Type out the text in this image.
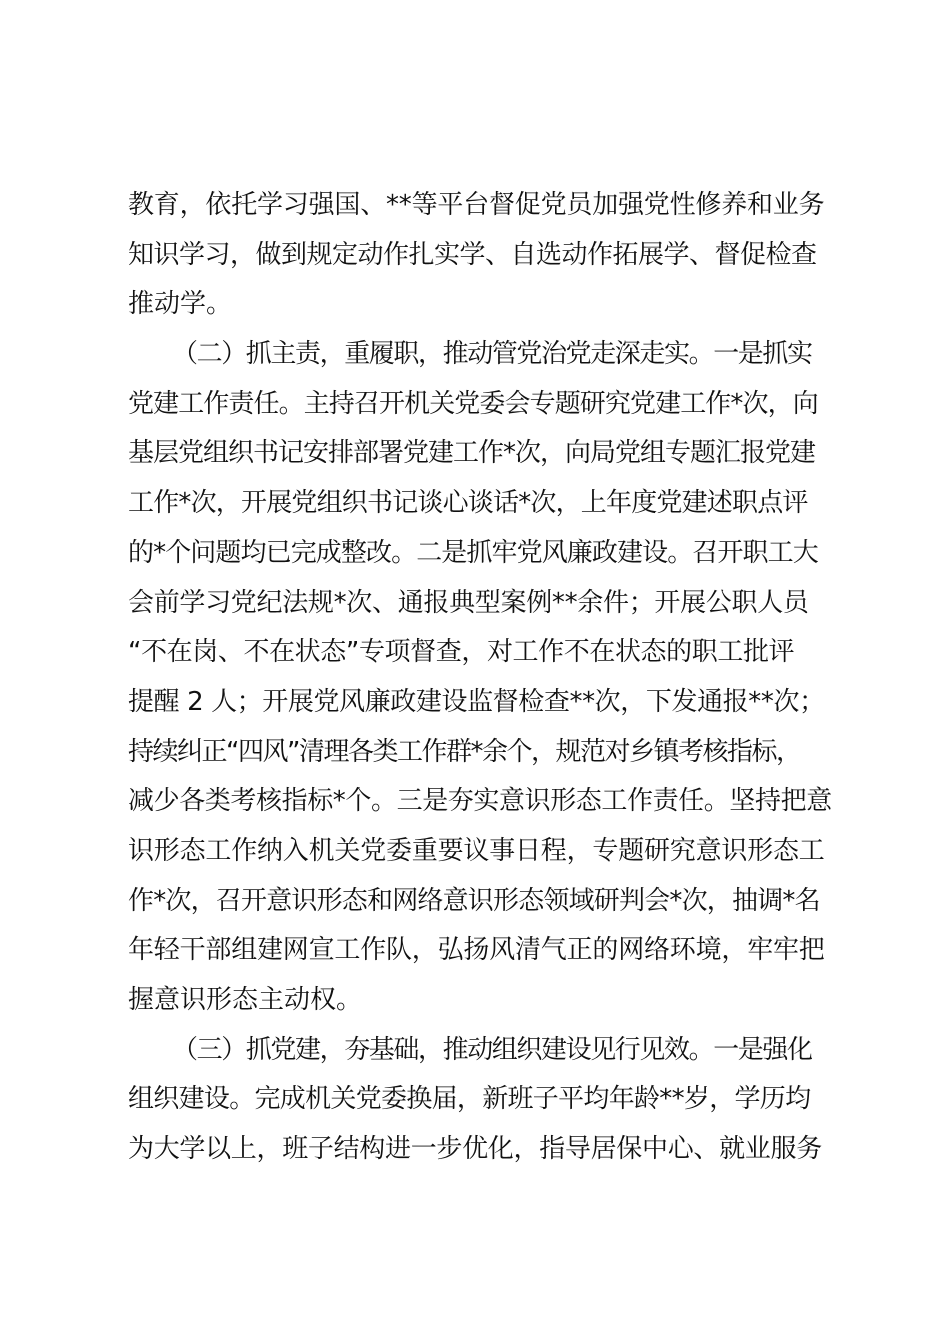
教育，依托学习强国、**等平台督促党员加强党性修养和业务
知识学习，做到规定动作扎实学、自选动作拓展学、督促检查
推动学。
（二）抓主责，重履职，推动管党治党走深走实。一是抓实
党建工作责任。主持召开机关党委会专题研究党建工作*次，向
基层党组织书记安排部署党建工作*次，向局党组专题汇报党建
工作*次，开展党组织书记谈心谈话*次，上年度党建述职点评
的*个问题均已完成整改。二是抓牢党风廉政建设。召开职工大
会前学习党纪法规*次、通报典型案例**余件；开展公职人员
“不在岗、不在状态”专项督查，对工作不在状态的职工批评
提醒 2 人；开展党风廉政建设监督检查**次，下发通报**次；
持续纠正“四风”清理各类工作群*余个，规范对乡镇考核指标，
减少各类考核指标*个。三是夯实意识形态工作责任。坚持把意
识形态工作纳入机关党委重要议事日程，专题研究意识形态工
作*次，召开意识形态和网络意识形态领域研判会*次，抽调*名
年轻干部组建网宣工作队，弘扬风清气正的网络环境，牢牢把
握意识形态主动权。
（三）抓党建，夯基础，推动组织建设见行见效。一是强化
组织建设。完成机关党委换届，新班子平均年龄**岁，学历均
为大学以上，班子结构进一步优化，指导居保中心、就业服务
